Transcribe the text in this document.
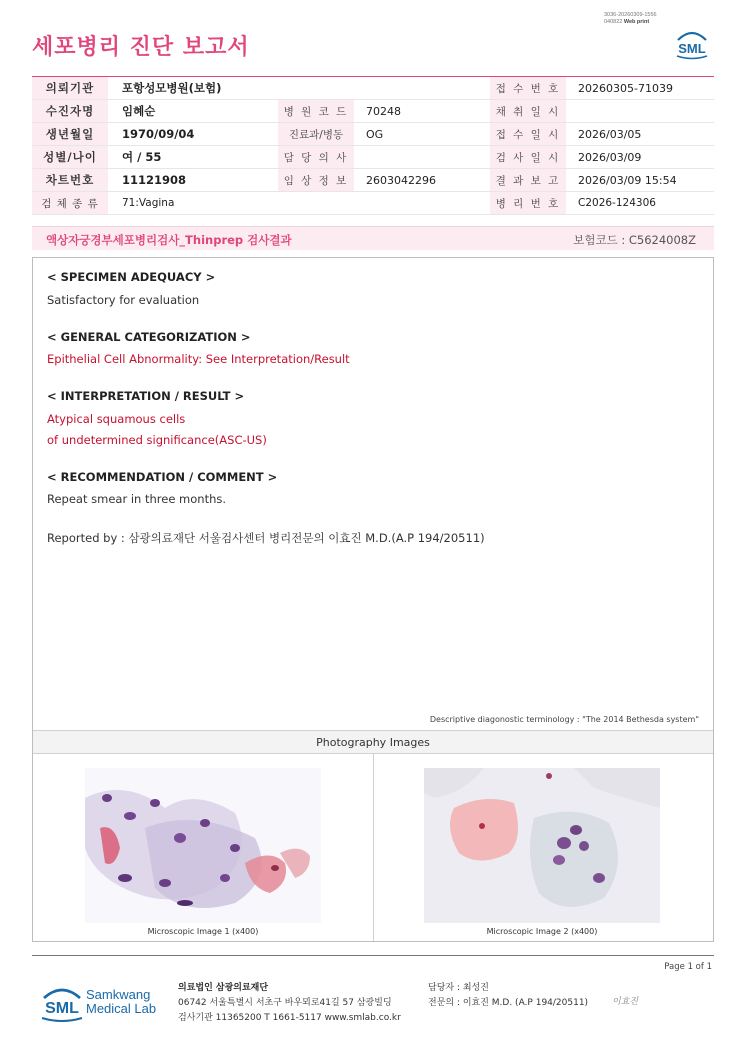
3036-20260309-1556
040822 Web print
세포병리 진단 보고서	SML
의뢰기관	포항성모병원(보험)			접 수 번 호	20260305-71039
수진자명	임혜순	병 원 코 드	70248	채 취 일 시	
생년월일	1970/09/04	진료과/병동	OG	접 수 일 시	2026/03/05
성별/나이	여 / 55	담 당 의 사		검 사 일 시	2026/03/09
차트번호	11121908	임 상 정 보	2603042296	결 과 보 고	2026/03/09 15:54
검 체 종 류	71:Vagina			병 리 번 호	C2026-124306
액상자궁경부세포병리검사_Thinprep 검사결과	보험코드 : C5624008Z
< SPECIMEN ADEQUACY >
Satisfactory for evaluation
< GENERAL CATEGORIZATION >
Epithelial Cell Abnormality: See Interpretation/Result
< INTERPRETATION / RESULT >
Atypical squamous cells
of undetermined significance(ASC-US)
< RECOMMENDATION / COMMENT >
Repeat smear in three months.
Reported by : 삼광의료재단 서울검사센터 병리전문의 이효진 M.D.(A.P 194/20511)
Descriptive diagonostic terminology : "The 2014 Bethesda system"
Photography Images
Microscopic Image 1 (x400)	Microscopic Image 2 (x400)
Page 1 of 1
SML
Samkwang
Medical Lab
의료법인 삼광의료재단
06742 서울특별시 서초구 바우뫼로41길 57 삼광빌딩
검사기관 11365200 T 1661-5117 www.smlab.co.kr
담당자 : 최성진
전문의 : 이효진 M.D. (A.P 194/20511)	이효진
